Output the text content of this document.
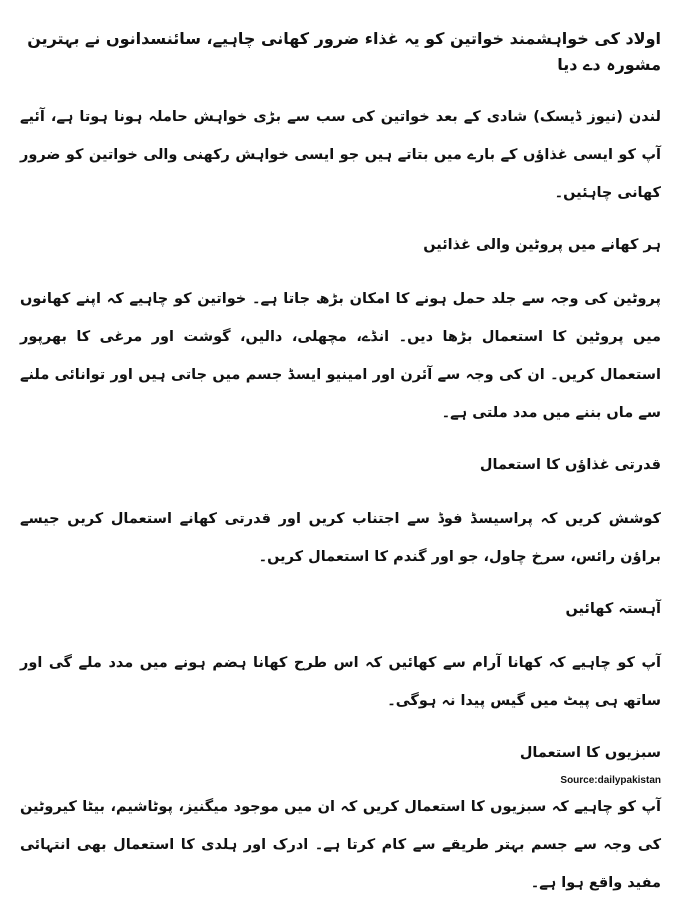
اولاد کی خواہشمند خواتین کو یہ غذاء ضرور کھانی چاہیے، سائنسدانوں نے بہترین مشورہ دے دیا
لندن (نیوز ڈیسک) شادی کے بعد خواتین کی سب سے بڑی خواہش حاملہ ہونا ہوتا ہے، آئیے آپ کو ایسی غذاؤں کے بارے میں بتاتے ہیں جو ایسی خواہش رکھنی والی خواتین کو ضرور کھانی چاہئیں۔
ہر کھانے میں پروٹین والی غذائیں
پروٹین کی وجہ سے جلد حمل ہونے کا امکان بڑھ جاتا ہے۔ خواتین کو چاہیے کہ اپنے کھانوں میں پروٹین کا استعمال بڑھا دیں۔ انڈے، مچھلی، دالیں، گوشت اور مرغی کا بھرپور استعمال کریں۔ ان کی وجہ سے آئرن اور امینیو ایسڈ جسم میں جاتی ہیں اور توانائی ملنے سے ماں بننے میں مدد ملتی ہے۔
قدرتی غذاؤں کا استعمال
کوشش کریں کہ پراسیسڈ فوڈ سے اجتناب کریں اور قدرتی کھانے استعمال کریں جیسے براؤن رائس، سرخ چاول، جو اور گندم کا استعمال کریں۔
آہستہ کھائیں
آپ کو چاہیے کہ کھانا آرام سے کھائیں کہ اس طرح کھانا ہضم ہونے میں مدد ملے گی اور ساتھ ہی پیٹ میں گیس پیدا نہ ہوگی۔
سبزیوں کا استعمال
آپ کو چاہیے کہ سبزیوں کا استعمال کریں کہ ان میں موجود میگنیز، پوٹاشیم، بیٹا کیروٹین کی وجہ سے جسم بہتر طریقے سے کام کرتا ہے۔ ادرک اور ہلدی کا استعمال بھی انتہائی مفید واقع ہوا ہے۔
Source:dailypakistan
